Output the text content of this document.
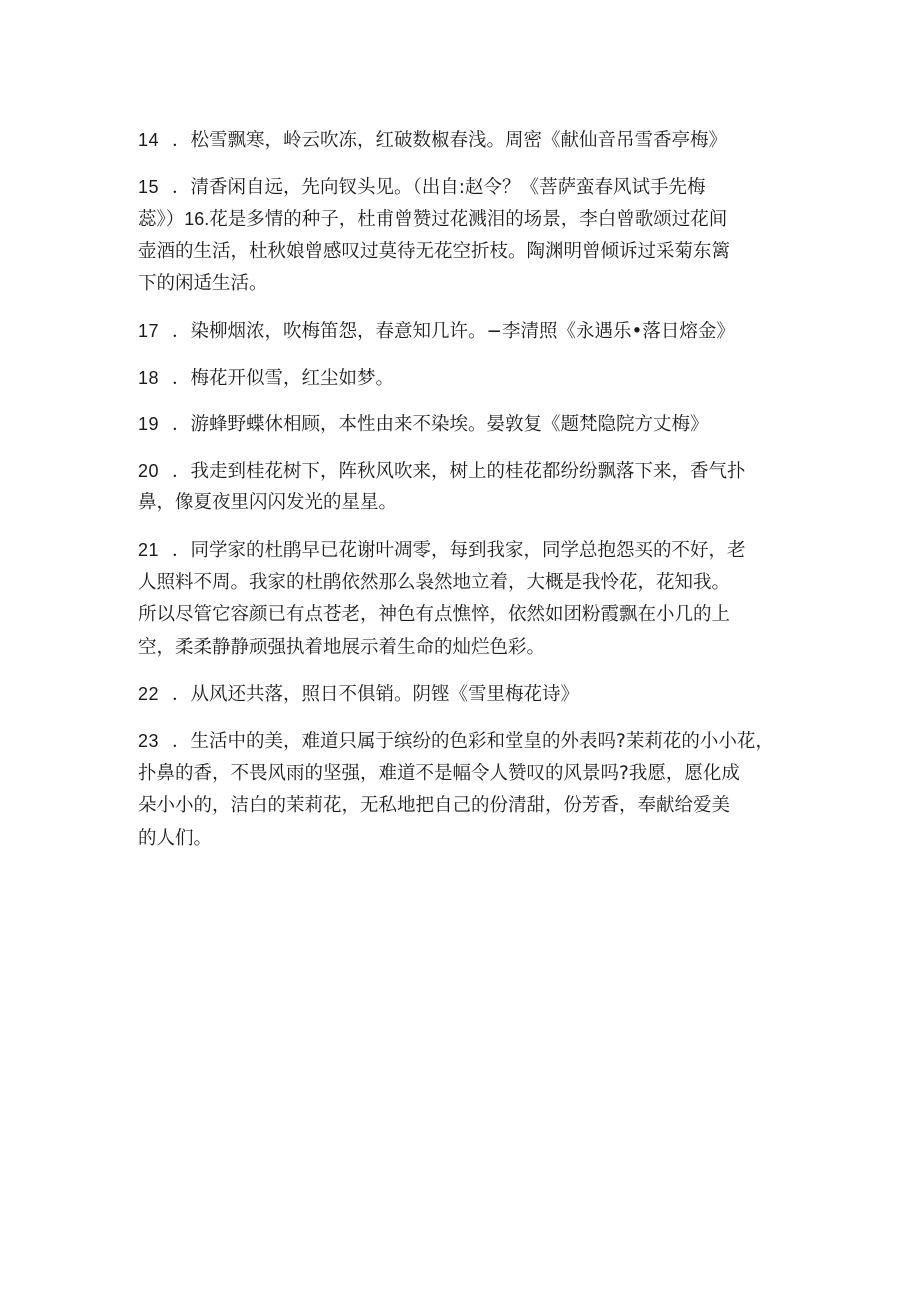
14 ．松雪飘寒，岭云吹冻，红破数椒春浅。周密《献仙音吊雪香亭梅》
15 ．清香闲自远，先向钗头见。（出自:赵令？《菩萨蛮春风试手先梅
蕊》）16.花是多情的种子，杜甫曾赞过花溅泪的场景，李白曾歌颂过花间
壶酒的生活，杜秋娘曾感叹过莫待无花空折枝。陶渊明曾倾诉过采菊东篱
下的闲适生活。
17 ．染柳烟浓，吹梅笛怨，春意知几许。−李清照《永遇乐•落日熔金》
18 ．梅花开似雪，红尘如梦。
19 ．游蜂野蝶休相顾，本性由来不染埃。晏敦复《题梵隐院方丈梅》
20 ．我走到桂花树下，阵秋风吹来，树上的桂花都纷纷飘落下来，香气扑
鼻，像夏夜里闪闪发光的星星。
21 ．同学家的杜鹃早已花谢叶凋零，每到我家，同学总抱怨买的不好，老
人照料不周。我家的杜鹃依然那么袅然地立着，大概是我怜花，花知我。
所以尽管它容颜已有点苍老，神色有点憔悴，依然如团粉霞飘在小几的上
空，柔柔静静顽强执着地展示着生命的灿烂色彩。
22 ．从风还共落，照日不俱销。阴铿《雪里梅花诗》
23 ．生活中的美，难道只属于缤纷的色彩和堂皇的外表吗?茉莉花的小小花，
扑鼻的香，不畏风雨的坚强，难道不是幅令人赞叹的风景吗?我愿，愿化成
朵小小的，洁白的茉莉花，无私地把自己的份清甜，份芳香，奉献给爱美
的人们。
